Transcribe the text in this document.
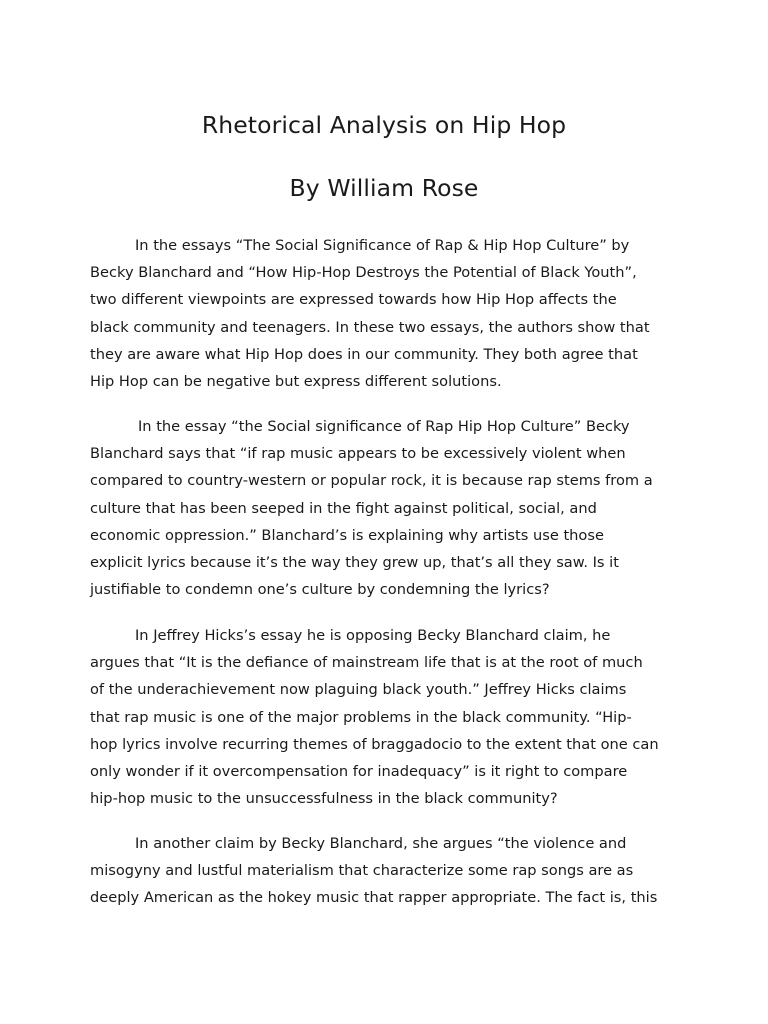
Rhetorical Analysis on Hip Hop
By William Rose

In the essays “The Social Significance of Rap & Hip Hop Culture” by
Becky Blanchard and “How Hip-Hop Destroys the Potential of Black Youth”,
two different viewpoints are expressed towards how Hip Hop affects the
black community and teenagers. In these two essays, the authors show that
they are aware what Hip Hop does in our community. They both agree that
Hip Hop can be negative but express different solutions.

In the essay “the Social significance of Rap Hip Hop Culture” Becky
Blanchard says that “if rap music appears to be excessively violent when
compared to country-western or popular rock, it is because rap stems from a
culture that has been seeped in the fight against political, social, and
economic oppression.” Blanchard’s is explaining why artists use those
explicit lyrics because it’s the way they grew up, that’s all they saw. Is it
justifiable to condemn one’s culture by condemning the lyrics?

In Jeffrey Hicks’s essay he is opposing Becky Blanchard claim, he
argues that “It is the defiance of mainstream life that is at the root of much
of the underachievement now plaguing black youth.” Jeffrey Hicks claims
that rap music is one of the major problems in the black community. “Hip-
hop lyrics involve recurring themes of braggadocio to the extent that one can
only wonder if it overcompensation for inadequacy” is it right to compare
hip-hop music to the unsuccessfulness in the black community?

In another claim by Becky Blanchard, she argues “the violence and
misogyny and lustful materialism that characterize some rap songs are as
deeply American as the hokey music that rapper appropriate. The fact is, this
